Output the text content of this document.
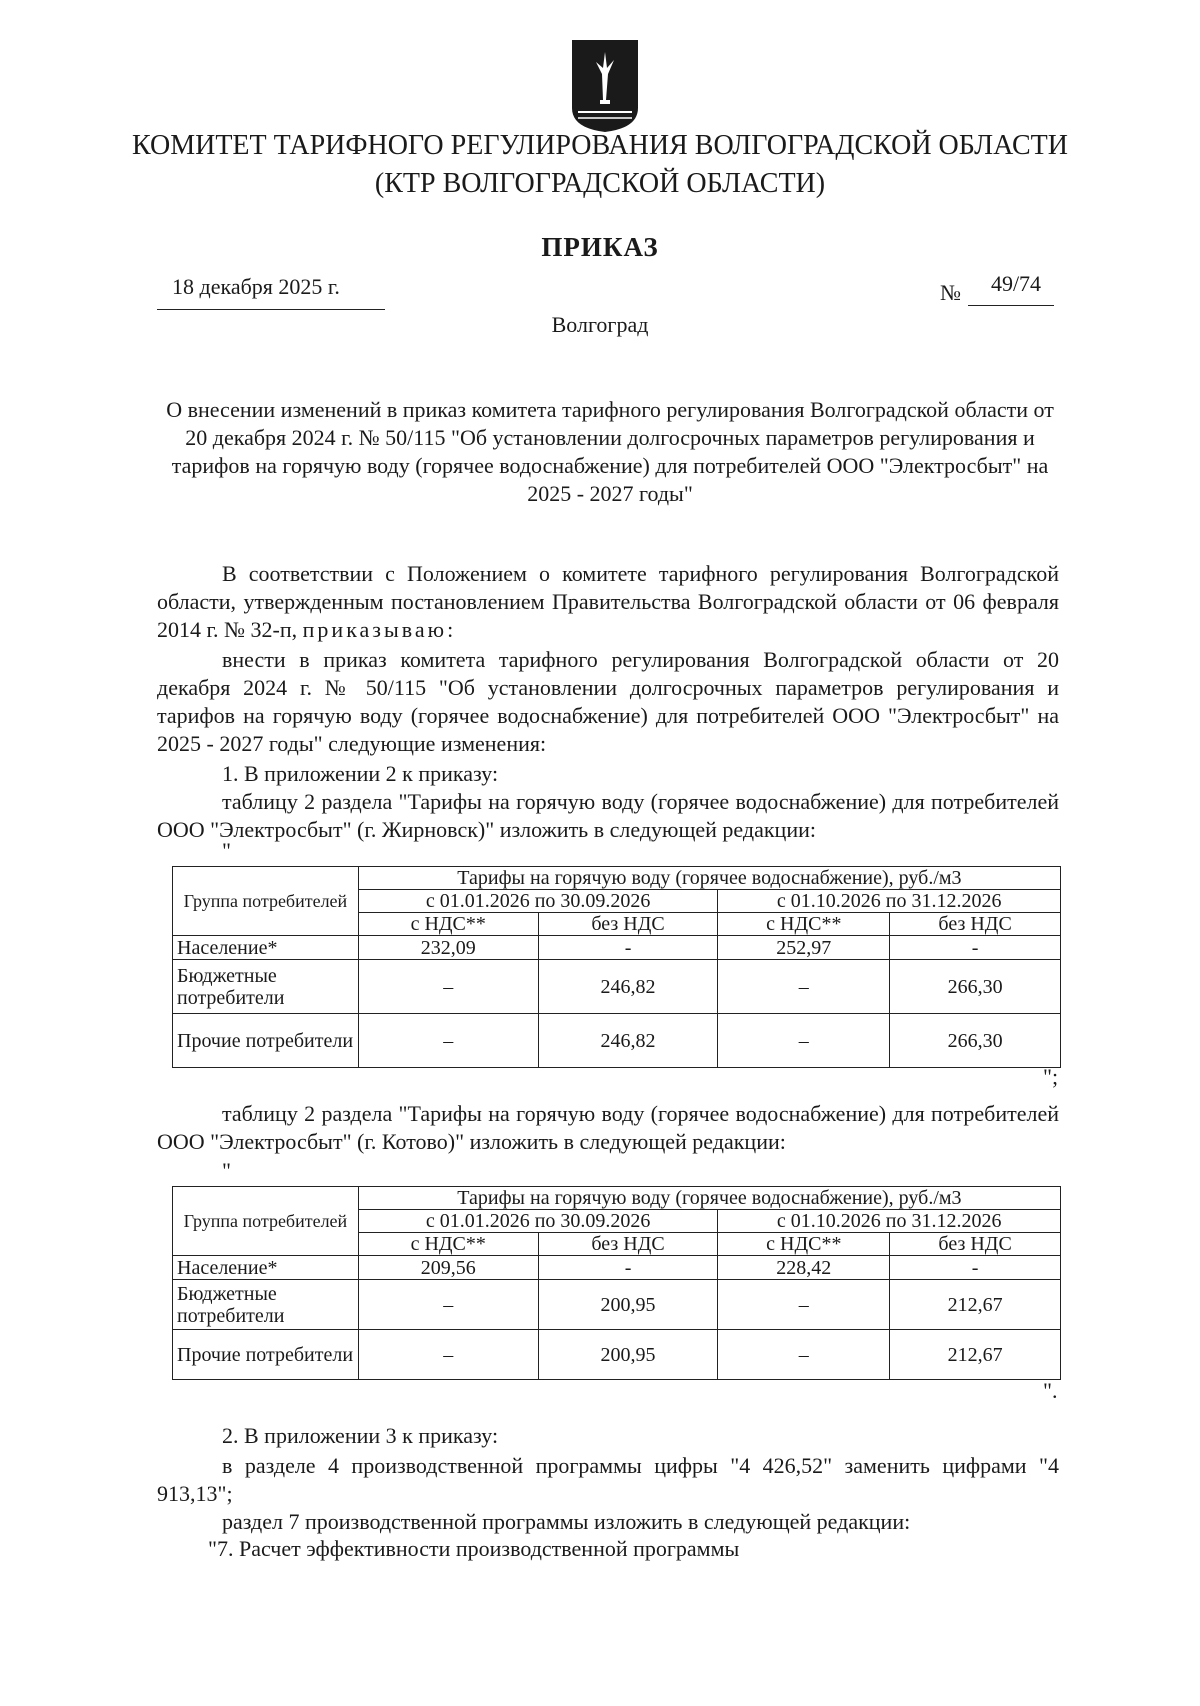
КОМИТЕТ ТАРИФНОГО РЕГУЛИРОВАНИЯ ВОЛГОГРАДСКОЙ ОБЛАСТИ
(КТР ВОЛГОГРАДСКОЙ ОБЛАСТИ)
ПРИКАЗ
18 декабря 2025 г.	№	49/74
Волгоград
О внесении изменений в приказ комитета тарифного регулирования Волгоградской области от 20 декабря 2024 г. № 50/115 "Об установлении долгосрочных параметров регулирования и тарифов на горячую воду (горячее водоснабжение) для потребителей ООО "Электросбыт" на 2025 - 2027 годы"
В соответствии с Положением о комитете тарифного регулирования Волгоградской области, утвержденным постановлением Правительства Волгоградской области от 06 февраля 2014 г. № 32-п, приказываю:
внести в приказ комитета тарифного регулирования Волгоградской области от 20 декабря 2024 г. № 50/115 "Об установлении долгосрочных параметров регулирования и тарифов на горячую воду (горячее водоснабжение) для потребителей ООО "Электросбыт" на 2025 - 2027 годы" следующие изменения:
1. В приложении 2 к приказу:
таблицу 2 раздела "Тарифы на горячую воду (горячее водоснабжение) для потребителей ООО "Электросбыт" (г. Жирновск)" изложить в следующей редакции:
"
Группа потребителей	Тарифы на горячую воду (горячее водоснабжение), руб./м3			
	с 01.01.2026 по 30.09.2026		с 01.10.2026 по 31.12.2026	
	с НДС**	без НДС	с НДС**	без НДС
Население*	232,09	-	252,97	-
Бюджетные потребители	–	246,82	–	266,30
Прочие потребители	–	246,82	–	266,30
";
таблицу 2 раздела "Тарифы на горячую воду (горячее водоснабжение) для потребителей ООО "Электросбыт" (г. Котово)" изложить в следующей редакции:
"
Группа потребителей	Тарифы на горячую воду (горячее водоснабжение), руб./м3			
	с 01.01.2026 по 30.09.2026		с 01.10.2026 по 31.12.2026	
	с НДС**	без НДС	с НДС**	без НДС
Население*	209,56	-	228,42	-
Бюджетные потребители	–	200,95	–	212,67
Прочие потребители	–	200,95	–	212,67
".
2. В приложении 3 к приказу:
в разделе 4 производственной программы цифры "4 426,52" заменить цифрами "4 913,13";
раздел 7 производственной программы изложить в следующей редакции:
"7. Расчет эффективности производственной программы
